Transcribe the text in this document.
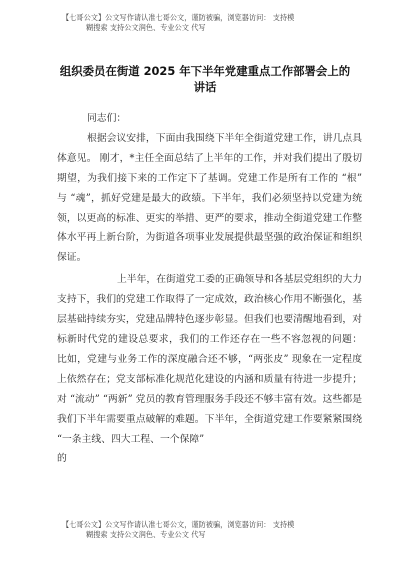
【七哥公文】公文写作请认准七哥公文，谨防被骗，浏览器访问： 支持模
糊搜索 支持公文润色、专业公文 代写
组织委员在街道 2025 年下半年党建重点工作部署会上的
讲话

同志们：

根据会议安排，下面由我围绕下半年全街道党建工作，讲几点具体意见。 刚才，*主任全面总结了上半年的工作，并对我们提出了殷切期望，为我们接下来的工作定下了基调。党建工作是所有工作的 “根” 与 “魂”，抓好党建是最大的政绩。下半年，我们必须坚持以党建为统领，以更高的标准、更实的举措、更严的要求，推动全街道党建工作整体水平再上新台阶，为街道各项事业发展提供最坚强的政治保证和组织保证。

上半年，在街道党工委的正确领导和各基层党组织的大力支持下，我们的党建工作取得了一定成效，政治核心作用不断强化，基层基础持续夯实，党建品牌特色逐步彰显。但我们也要清醒地看到，对标新时代党的建设总要求，我们的工作还存在一些不容忽视的问题： 比如，党建与业务工作的深度融合还不够，“两张皮” 现象在一定程度上依然存在；党支部标准化规范化建设的内涵和质量有待进一步提升；对 “流动” “两新” 党员的教育管理服务手段还不够丰富有效。这些都是我们下半年需要重点破解的难题。下半年，全街道党建工作要紧紧围绕 “一条主线、四大工程、一个保障”

的

【七哥公文】公文写作请认准七哥公文，谨防被骗，浏览器访问： 支持模
糊搜索 支持公文润色、专业公文 代写
